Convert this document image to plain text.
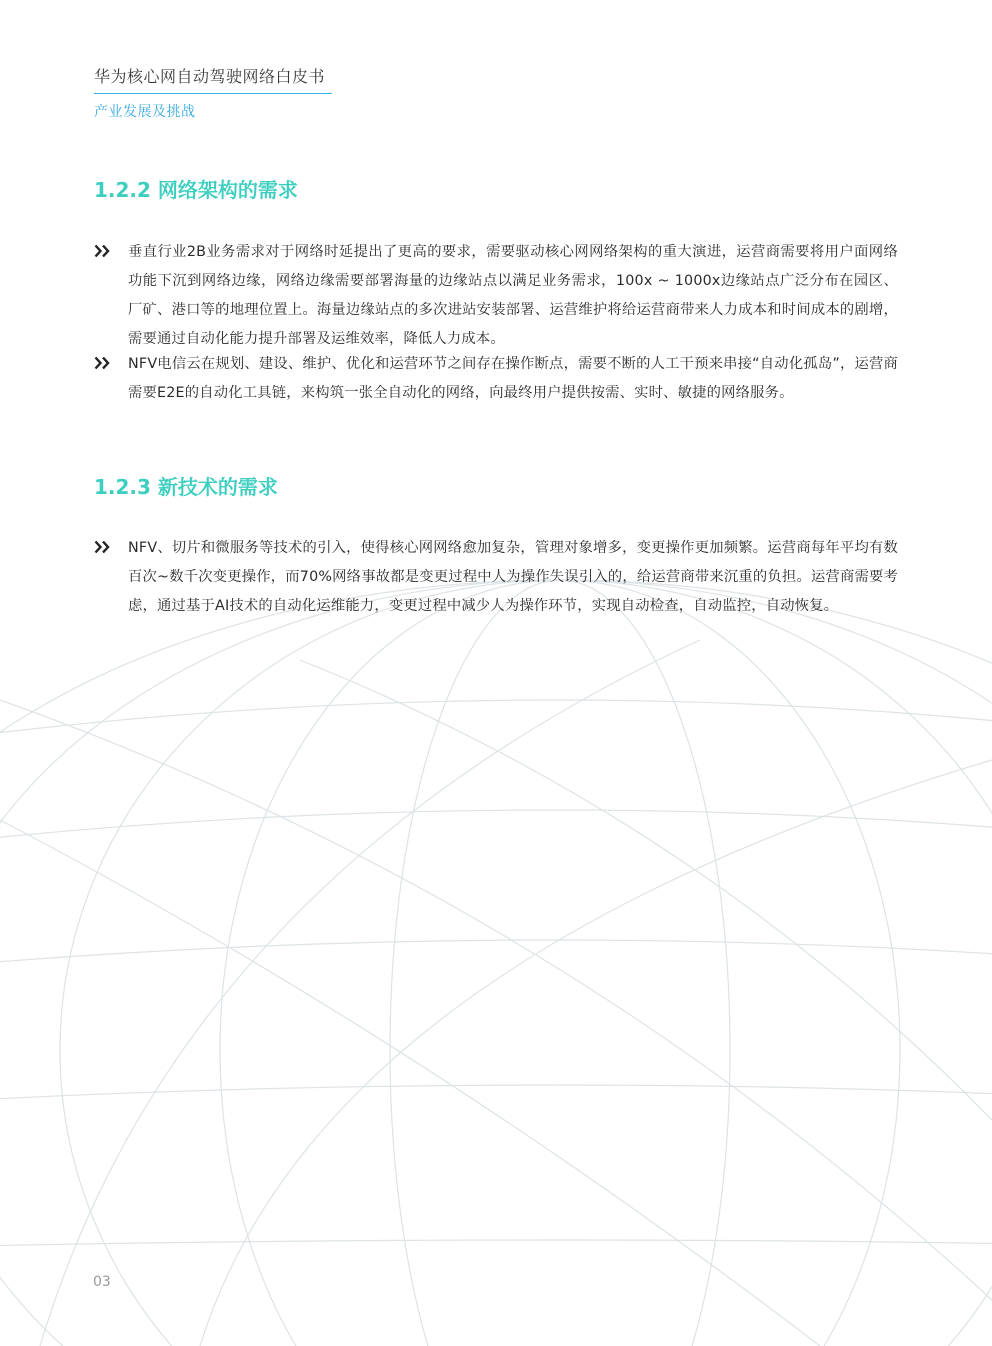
华为核心网自动驾驶网络白皮书
产业发展及挑战
1.2.2 网络架构的需求
垂直行业2B业务需求对于网络时延提出了更高的要求，需要驱动核心网网络架构的重大演进，运营商需要将用户面网络功能下沉到网络边缘，网络边缘需要部署海量的边缘站点以满足业务需求，100x ~ 1000x边缘站点广泛分布在园区、厂矿、港口等的地理位置上。海量边缘站点的多次进站安装部署、运营维护将给运营商带来人力成本和时间成本的剧增，需要通过自动化能力提升部署及运维效率，降低人力成本。
NFV电信云在规划、建设、维护、优化和运营环节之间存在操作断点，需要不断的人工干预来串接“自动化孤岛”，运营商需要E2E的自动化工具链，来构筑一张全自动化的网络，向最终用户提供按需、实时、敏捷的网络服务。
1.2.3 新技术的需求
NFV、切片和微服务等技术的引入，使得核心网网络愈加复杂，管理对象增多，变更操作更加频繁。运营商每年平均有数百次~数千次变更操作，而70%网络事故都是变更过程中人为操作失误引入的，给运营商带来沉重的负担。运营商需要考虑，通过基于AI技术的自动化运维能力，变更过程中减少人为操作环节，实现自动检查，自动监控，自动恢复。
03
